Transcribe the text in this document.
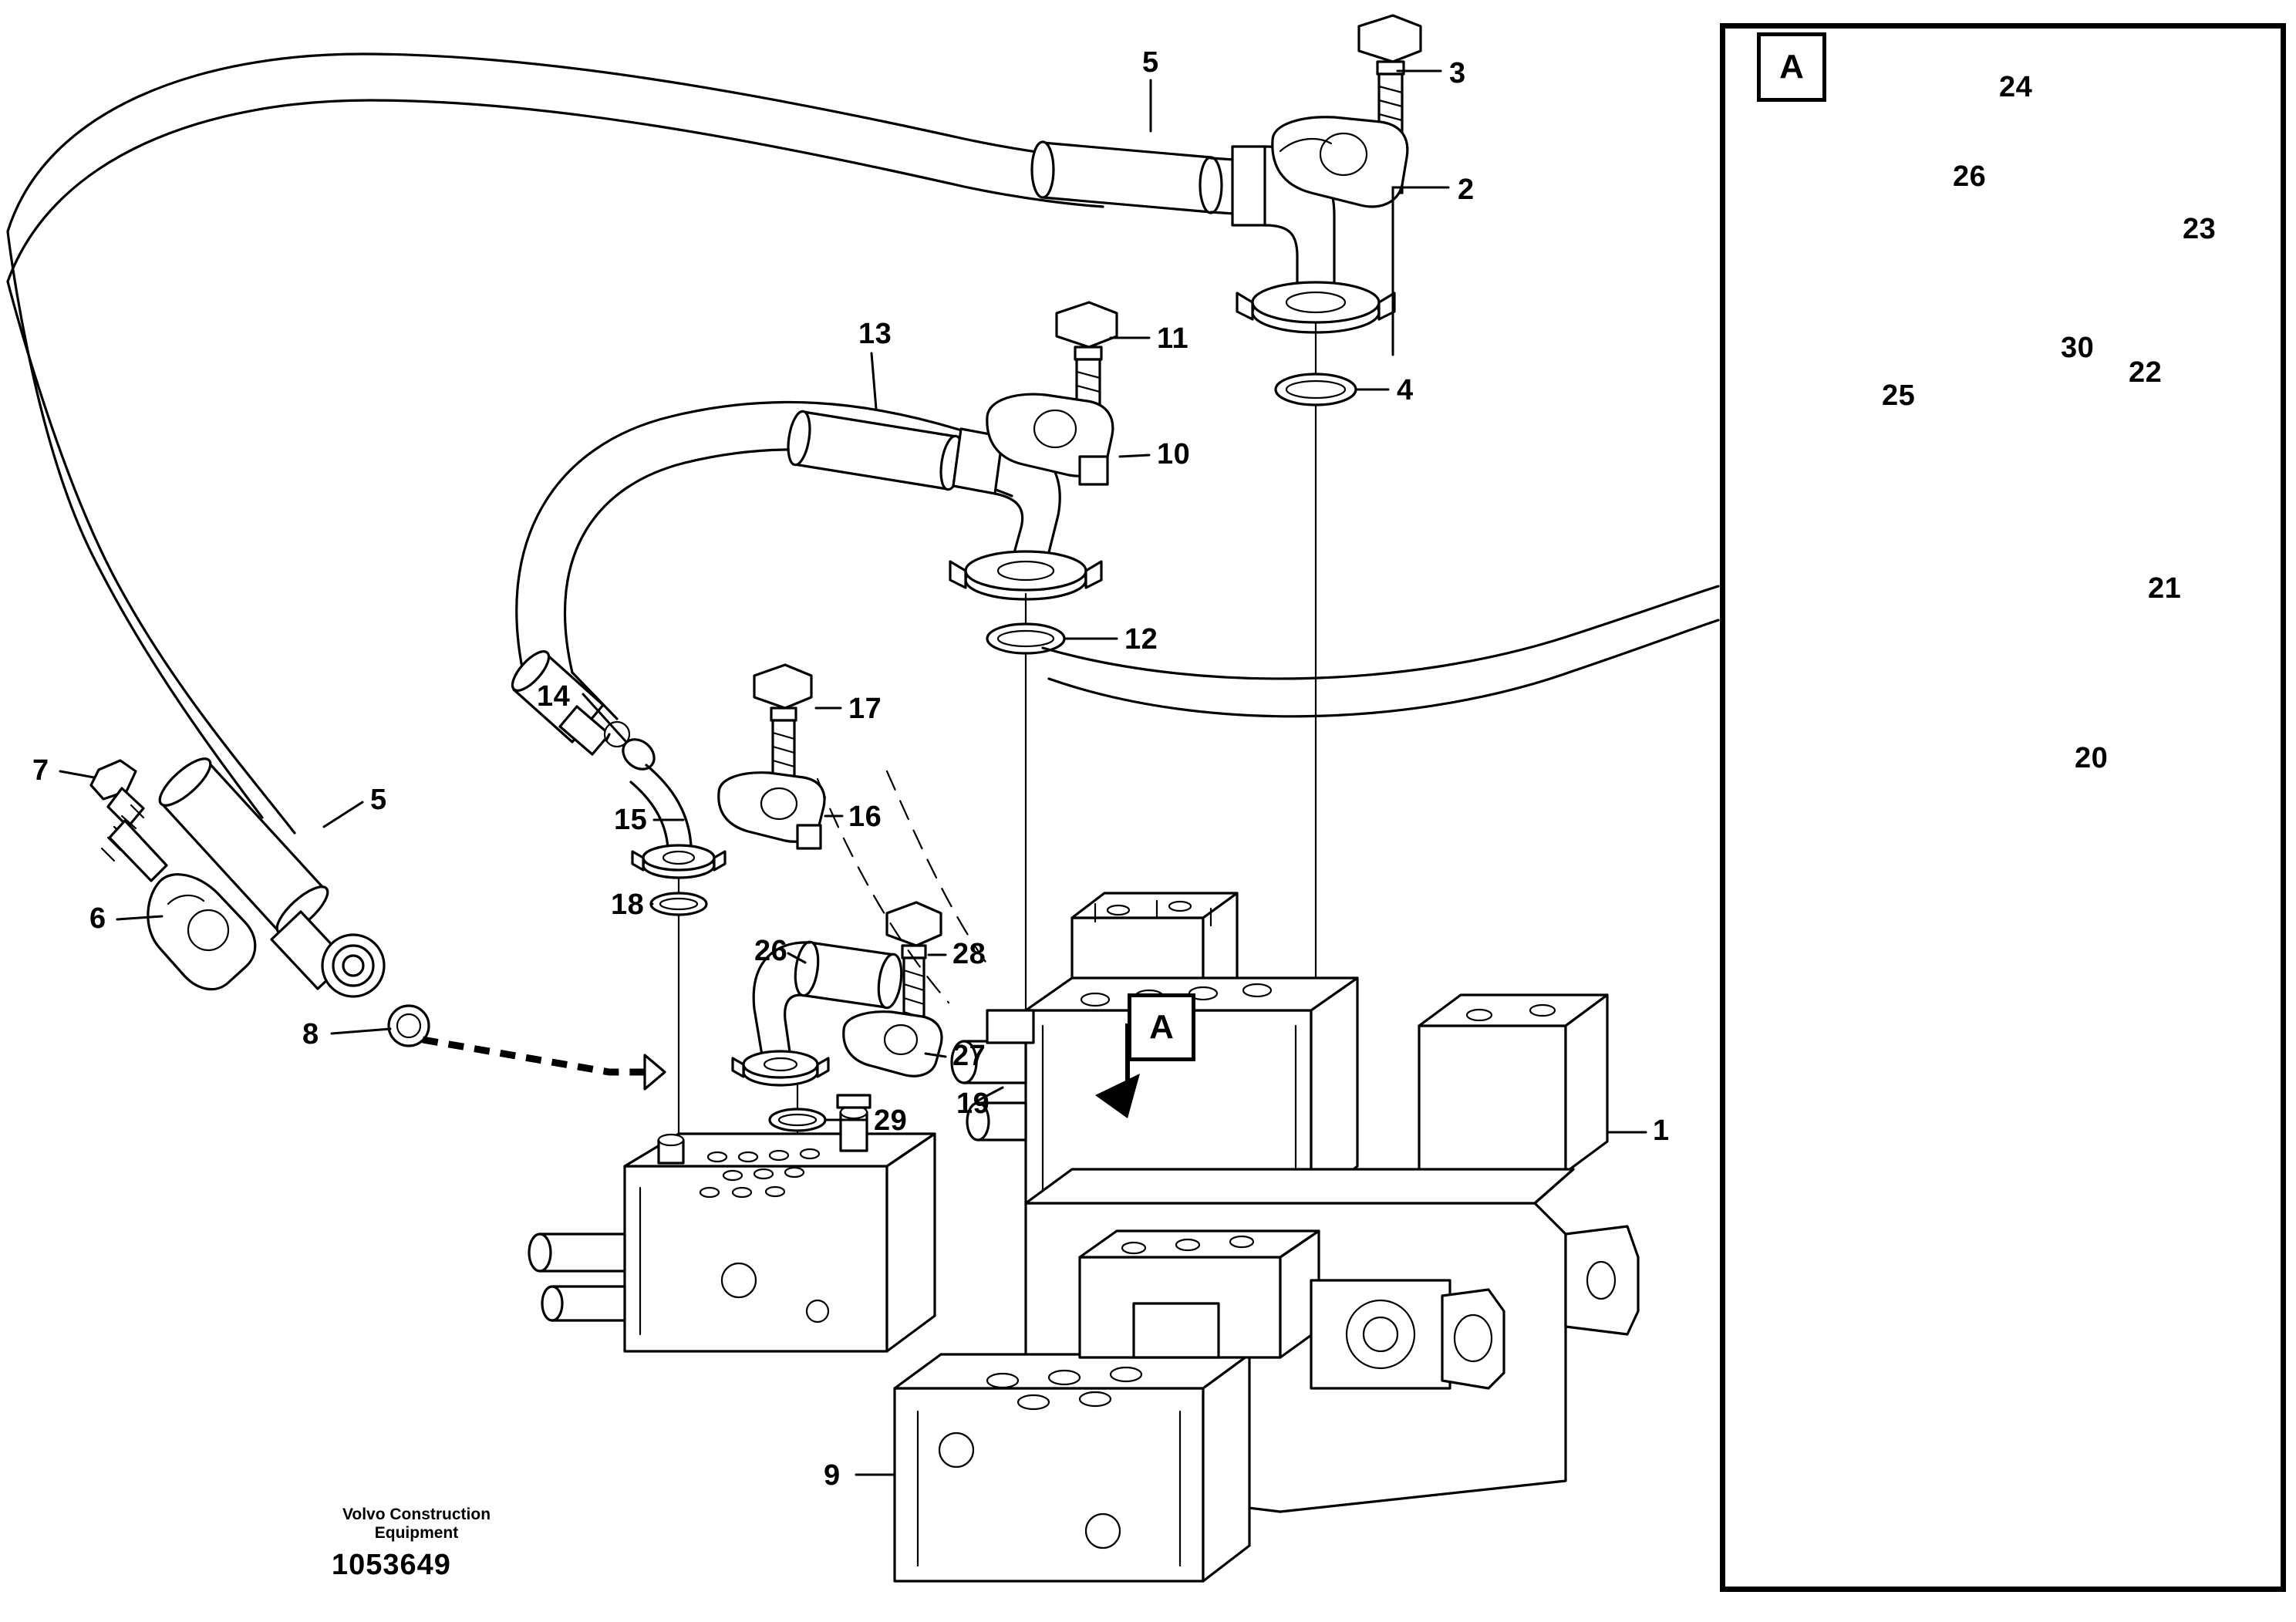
A
A
1
2
3
4
5
5
6
7
8
9
10
11
12
13
14
15	16
17
18
19
20
21
22
23
24
25
26
26
27
28
29
30
Volvo Construction
Equipment
1053649
